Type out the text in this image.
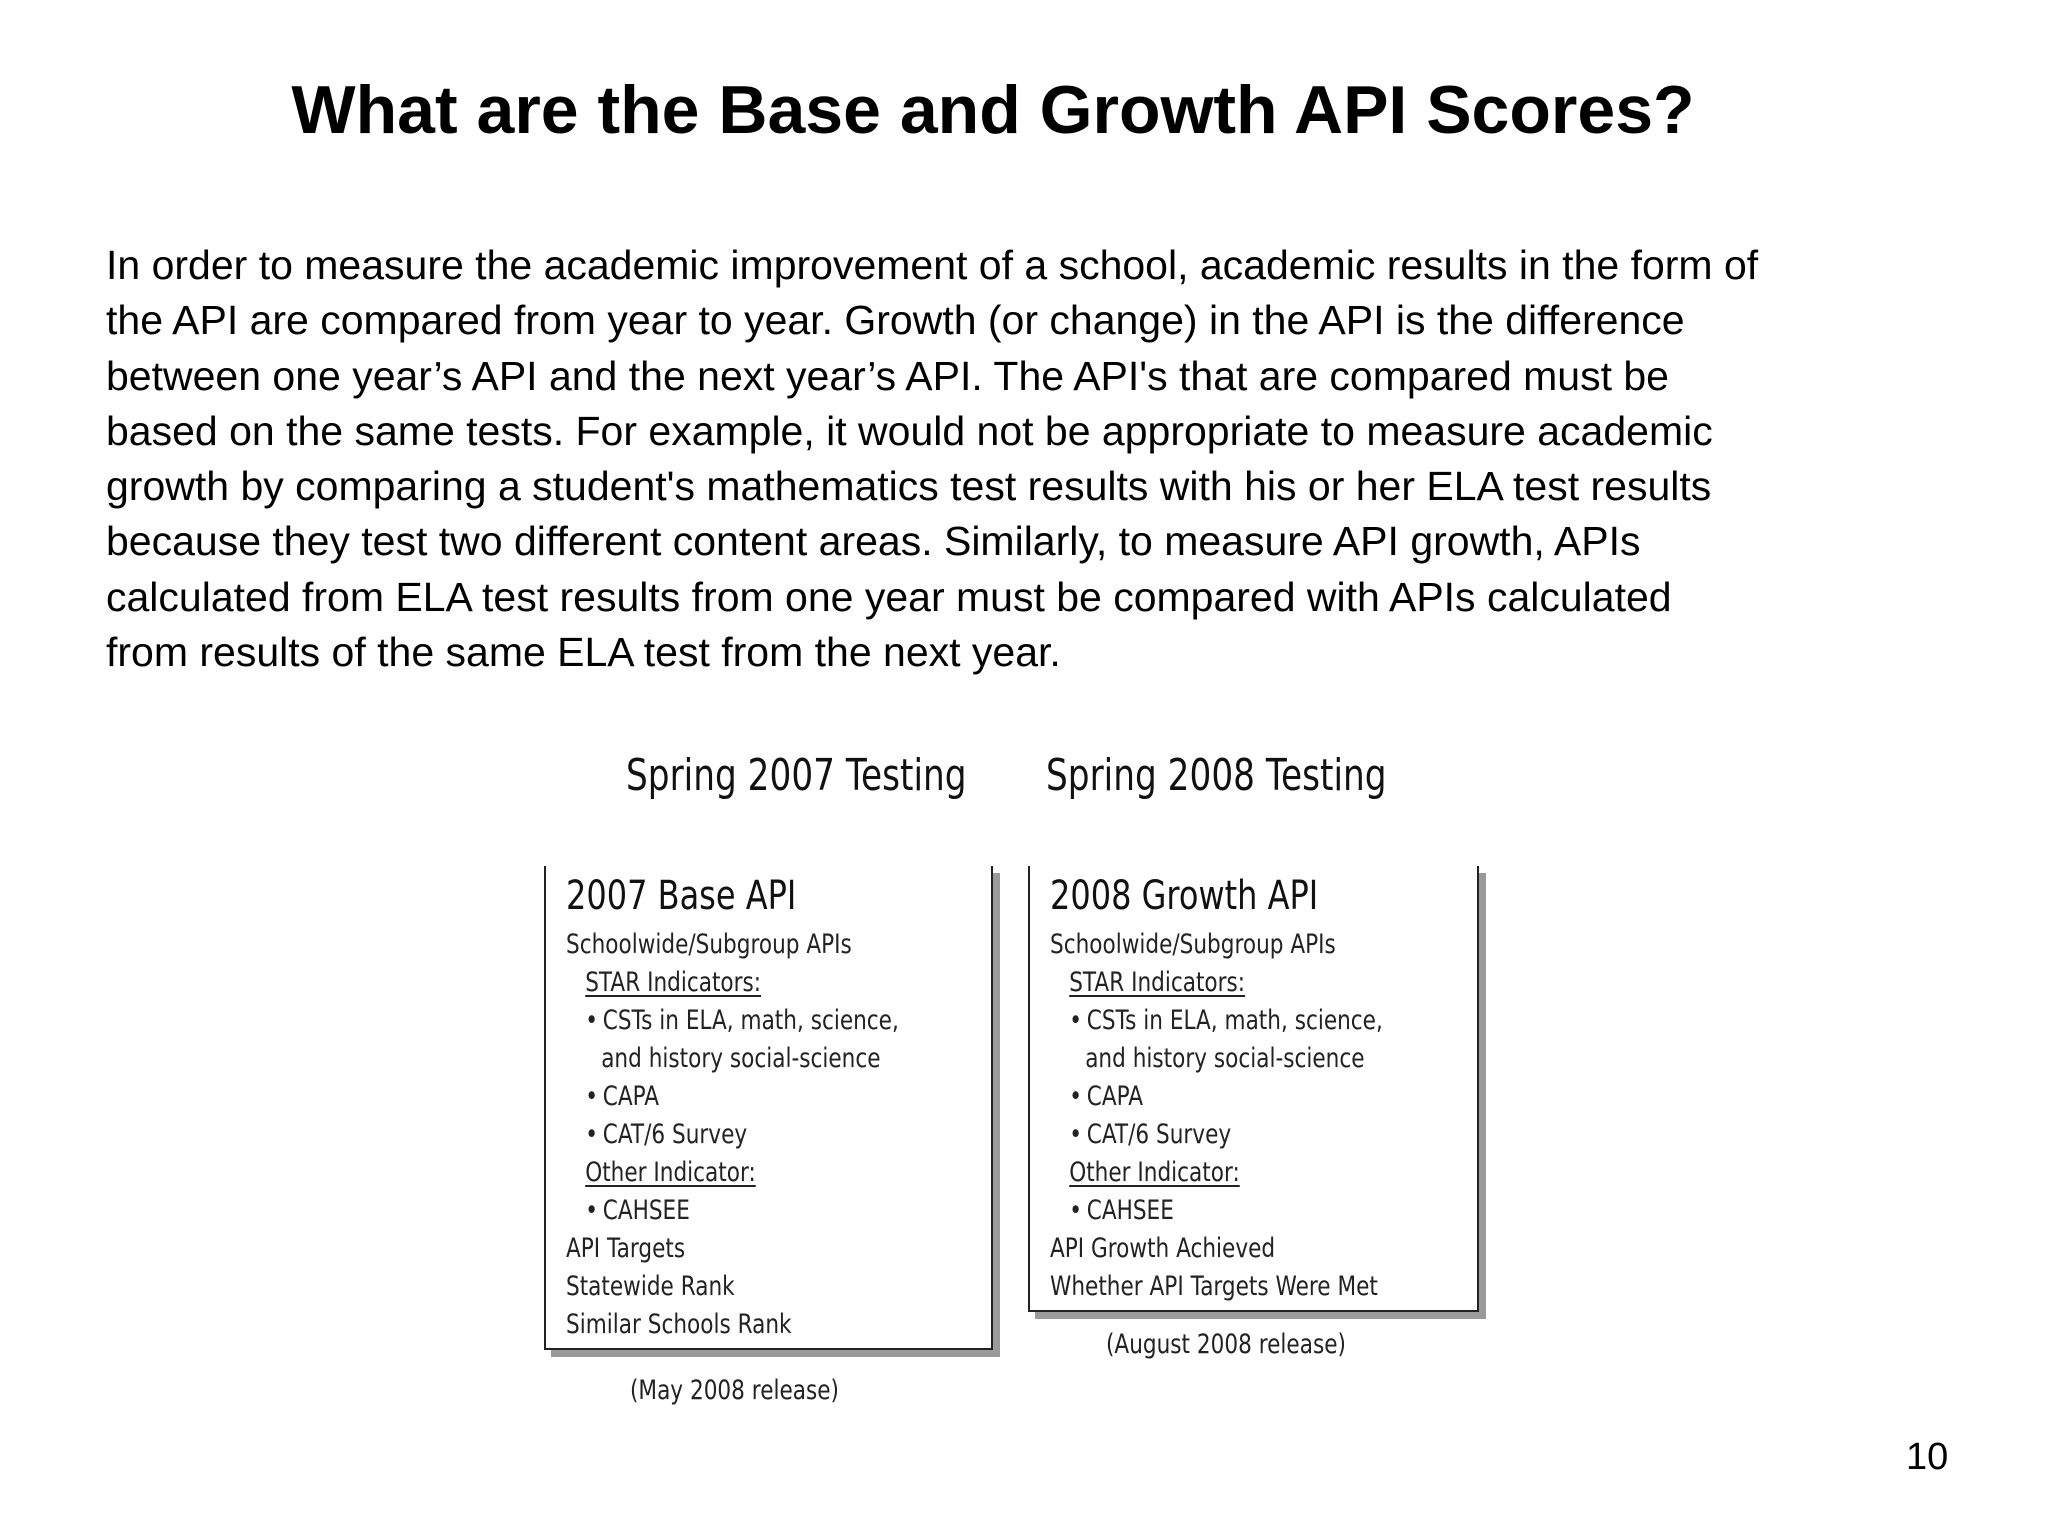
What are the Base and Growth API Scores?

In order to measure the academic improvement of a school, academic results in the form of
the API are compared from year to year. Growth (or change) in the API is the difference
between one year’s API and the next year’s API. The API's that are compared must be
based on the same tests. For example, it would not be appropriate to measure academic
growth by comparing a student's mathematics test results with his or her ELA test results
because they test two different content areas. Similarly, to measure API growth, APIs
calculated from ELA test results from one year must be compared with APIs calculated
from results of the same ELA test from the next year.

Spring 2007 Testing
2007 Base API
Schoolwide/Subgroup APIs
STAR Indicators:
• CSTs in ELA, math, science,
and history social-science
• CAPA
• CAT/6 Survey
Other Indicator:
• CAHSEE
API Targets
Statewide Rank
Similar Schools Rank
(May 2008 release)
Spring 2008 Testing
2008 Growth API
Schoolwide/Subgroup APIs
STAR Indicators:
• CSTs in ELA, math, science,
and history social-science
• CAPA
• CAT/6 Survey
Other Indicator:
• CAHSEE
API Growth Achieved
Whether API Targets Were Met
(August 2008 release)
10
